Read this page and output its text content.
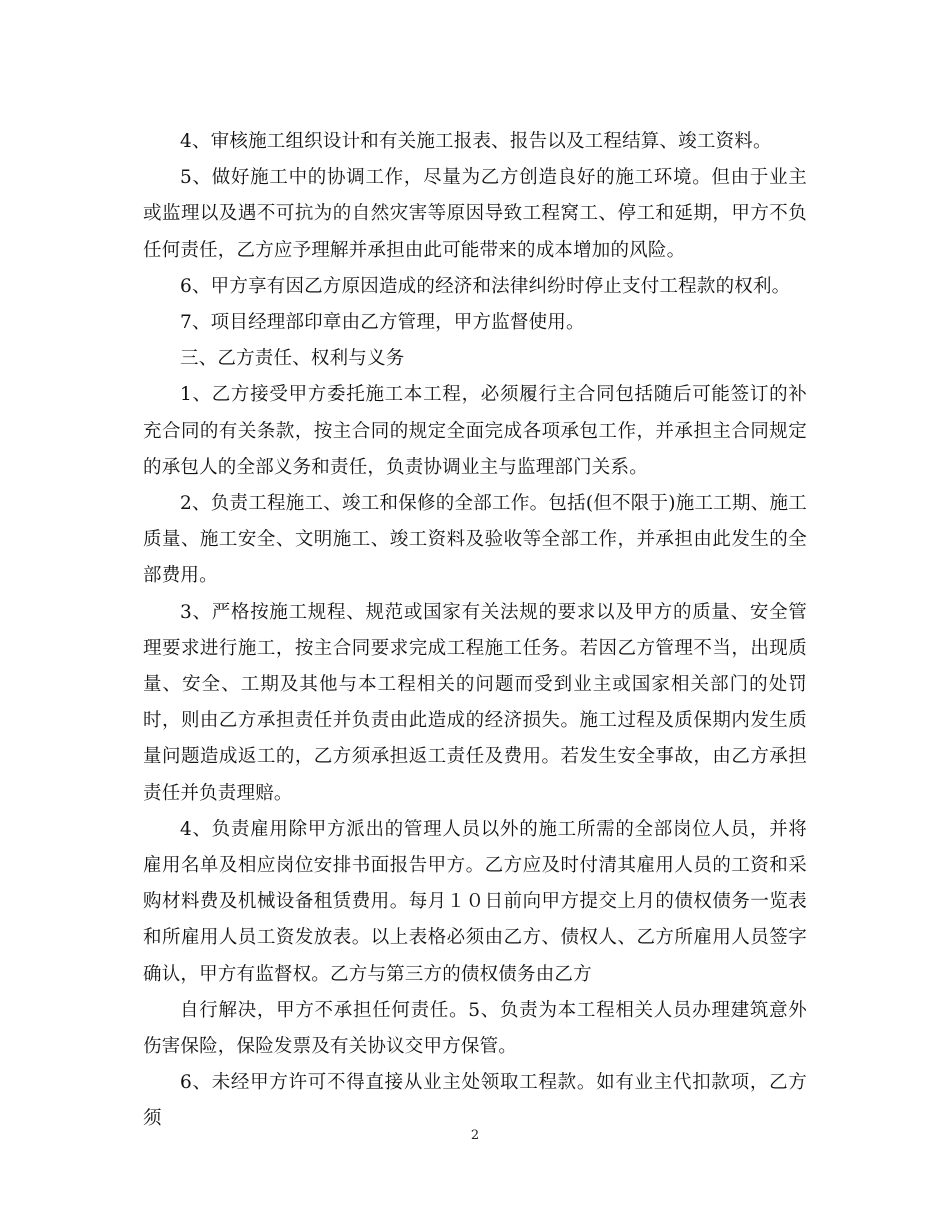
4、审核施工组织设计和有关施工报表、报告以及工程结算、竣工资料。

5、做好施工中的协调工作，尽量为乙方创造良好的施工环境。但由于业主或监理以及遇不可抗为的自然灾害等原因导致工程窝工、停工和延期，甲方不负任何责任，乙方应予理解并承担由此可能带来的成本增加的风险。

6、甲方享有因乙方原因造成的经济和法律纠纷时停止支付工程款的权利。

7、项目经理部印章由乙方管理，甲方监督使用。

三、乙方责任、权利与义务

1、乙方接受甲方委托施工本工程，必须履行主合同包括随后可能签订的补充合同的有关条款，按主合同的规定全面完成各项承包工作，并承担主合同规定的承包人的全部义务和责任，负责协调业主与监理部门关系。

2、负责工程施工、竣工和保修的全部工作。包括(但不限于)施工工期、施工质量、施工安全、文明施工、竣工资料及验收等全部工作，并承担由此发生的全部费用。

3、严格按施工规程、规范或国家有关法规的要求以及甲方的质量、安全管理要求进行施工，按主合同要求完成工程施工任务。若因乙方管理不当，出现质量、安全、工期及其他与本工程相关的问题而受到业主或国家相关部门的处罚时，则由乙方承担责任并负责由此造成的经济损失。施工过程及质保期内发生质量问题造成返工的，乙方须承担返工责任及费用。若发生安全事故，由乙方承担责任并负责理赔。

4、负责雇用除甲方派出的管理人员以外的施工所需的全部岗位人员，并将雇用名单及相应岗位安排书面报告甲方。乙方应及时付清其雇用人员的工资和采购材料费及机械设备租赁费用。每月１０日前向甲方提交上月的债权债务一览表和所雇用人员工资发放表。以上表格必须由乙方、债权人、乙方所雇用人员签字确认，甲方有监督权。乙方与第三方的债权债务由乙方

自行解决，甲方不承担任何责任。5、负责为本工程相关人员办理建筑意外伤害保险，保险发票及有关协议交甲方保管。

6、未经甲方许可不得直接从业主处领取工程款。如有业主代扣款项，乙方须

2
